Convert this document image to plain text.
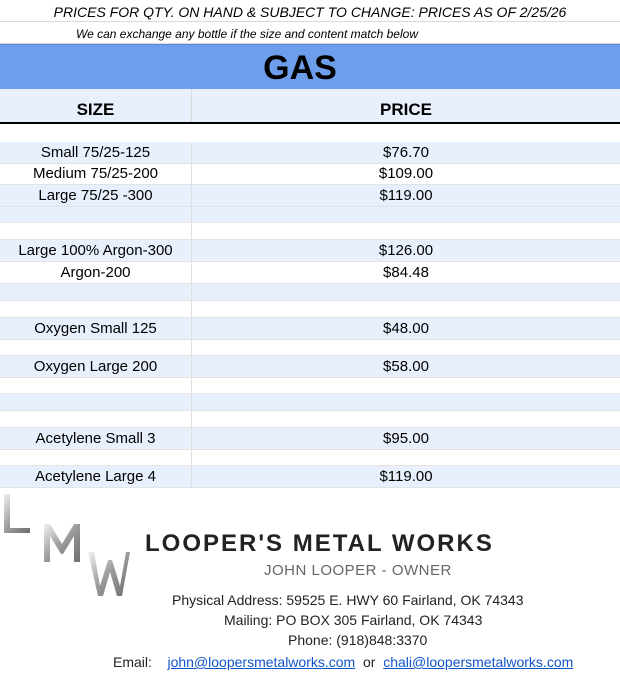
PRICES FOR QTY. ON HAND & SUBJECT TO CHANGE: PRICES AS OF 2/25/26
We can exchange any bottle if the size and content match below
GAS
SIZE	PRICE
Small 75/25-125	$76.70
Medium 75/25-200	$109.00
Large 75/25 -300	$119.00
Large 100% Argon-300	$126.00
Argon-200	$84.48
Oxygen Small 125	$48.00
Oxygen Large 200	$58.00
Acetylene Small 3	$95.00
Acetylene Large 4	$119.00
LOOPER'S METAL WORKS
JOHN LOOPER - OWNER
Physical Address: 59525 E. HWY 60 Fairland, OK 74343
Mailing: PO BOX 305 Fairland, OK 74343
Phone: (918)848:3370
Email: john@loopersmetalworks.com or chali@loopersmetalworks.com
